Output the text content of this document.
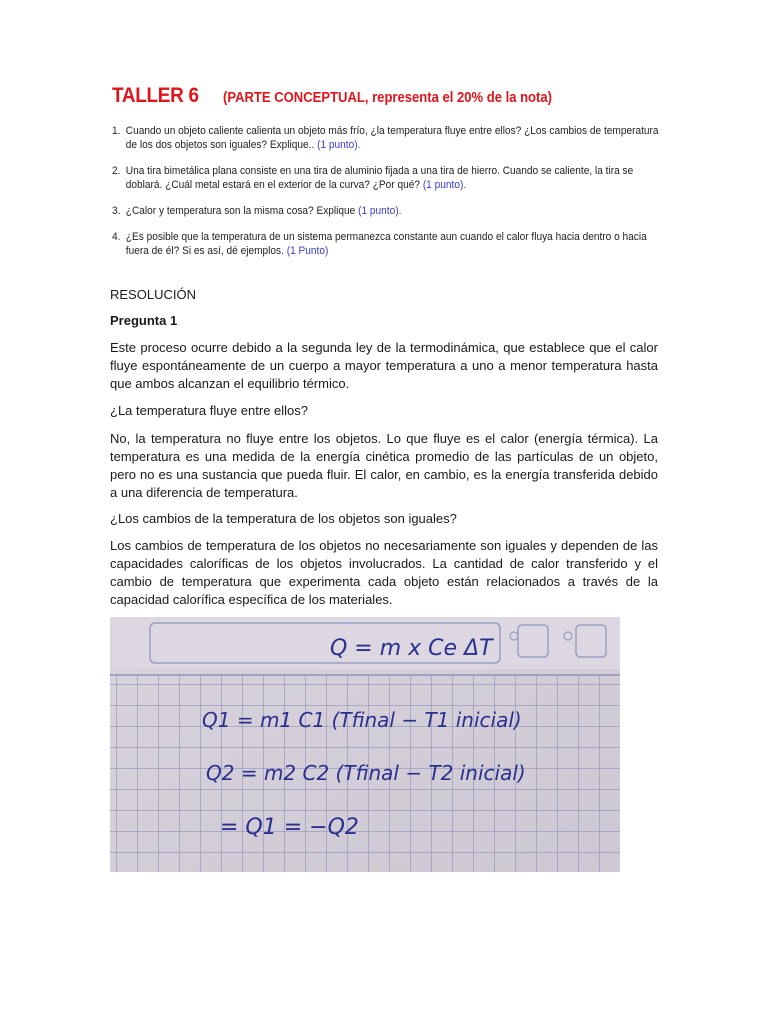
TALLER 6 (PARTE CONCEPTUAL, representa el 20% de la nota)
1. Cuando un objeto caliente calienta un objeto más frío, ¿la temperatura fluye entre ellos? ¿Los cambios de temperatura de los dos objetos son iguales? Explique.. (1 punto).
2. Una tira bimetálica plana consiste en una tira de aluminio fijada a una tira de hierro. Cuando se caliente, la tira se doblará. ¿Cuál metal estará en el exterior de la curva? ¿Por qué? (1 punto).
3. ¿Calor y temperatura son la misma cosa? Explique (1 punto).
4. ¿Es posible que la temperatura de un sistema permanezca constante aun cuando el calor fluya hacia dentro o hacia fuera de él? Si es así, dé ejemplos. (1 Punto)

RESOLUCIÓN

Pregunta 1

Este proceso ocurre debido a la segunda ley de la termodinámica, que establece que el calor fluye espontáneamente de un cuerpo a mayor temperatura a uno a menor temperatura hasta que ambos alcanzan el equilibrio térmico.

¿La temperatura fluye entre ellos?

No, la temperatura no fluye entre los objetos. Lo que fluye es el calor (energía térmica). La temperatura es una medida de la energía cinética promedio de las partículas de un objeto, pero no es una sustancia que pueda fluir. El calor, en cambio, es la energía transferida debido a una diferencia de temperatura.

¿Los cambios de la temperatura de los objetos son iguales?

Los cambios de temperatura de los objetos no necesariamente son iguales y dependen de las capacidades caloríficas de los objetos involucrados. La cantidad de calor transferido y el cambio de temperatura que experimenta cada objeto están relacionados a través de la capacidad calorífica específica de los materiales.

Q = m x Ce ΔT
Q1 = m1 C1 (Tfinal − T1 inicial)
Q2 = m2 C2 (Tfinal − T2 inicial)
= Q1 = −Q2
